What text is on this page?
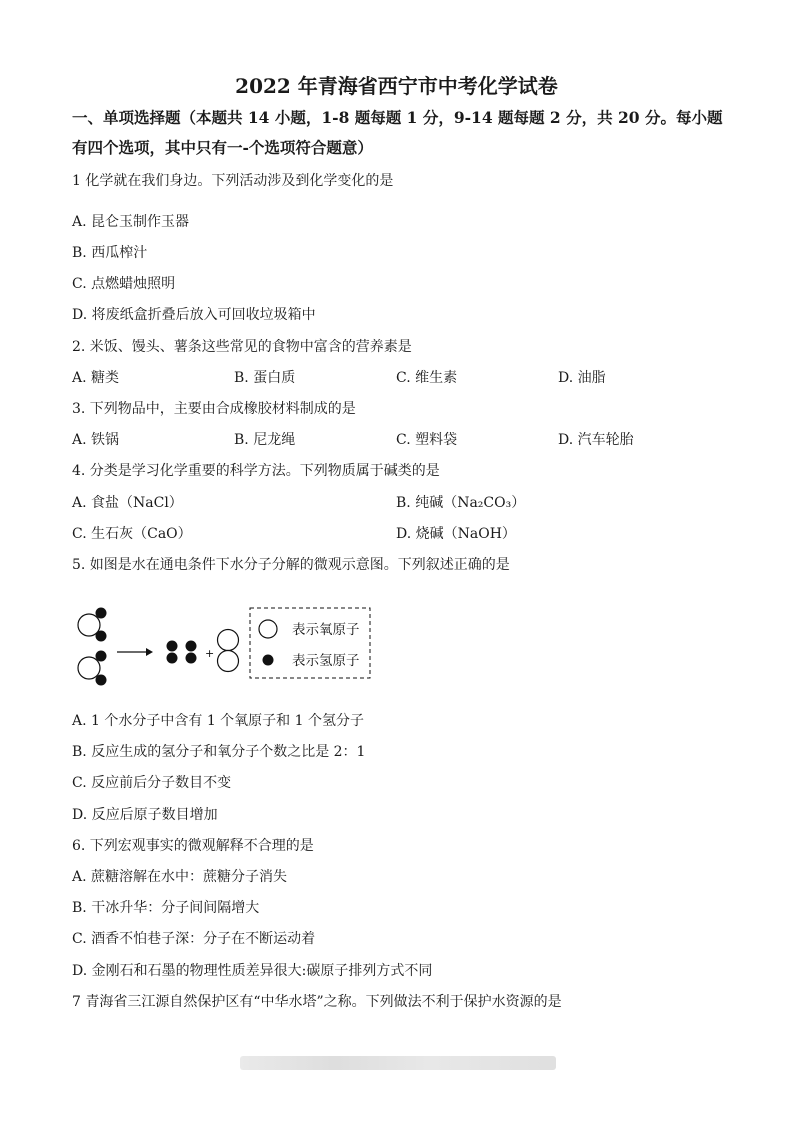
2022 年青海省西宁市中考化学试卷
一、单项选择题（本题共 14 小题，1-8 题每题 1 分，9-14 题每题 2 分，共 20 分。每小题有四个选项，其中只有一-个选项符合题意）
1 化学就在我们身边。下列活动涉及到化学变化的是
A. 昆仑玉制作玉器
B. 西瓜榨汁
C. 点燃蜡烛照明
D. 将废纸盒折叠后放入可回收垃圾箱中
2. 米饭、馒头、薯条这些常见的食物中富含的营养素是
A. 糖类	B. 蛋白质	C. 维生素	D. 油脂
3. 下列物品中，主要由合成橡胶材料制成的是
A. 铁锅	B. 尼龙绳	C. 塑料袋	D. 汽车轮胎
4. 分类是学习化学重要的科学方法。下列物质属于碱类的是
A. 食盐（NaCl）	B. 纯碱（Na₂CO₃）
C. 生石灰（CaO）	D. 烧碱（NaOH）
5. 如图是水在通电条件下水分子分解的微观示意图。下列叙述正确的是
+
表示氧原子
表示氢原子
A. 1 个水分子中含有 1 个氧原子和 1 个氢分子
B. 反应生成的氢分子和氧分子个数之比是 2：1
C. 反应前后分子数目不变
D. 反应后原子数目增加
6. 下列宏观事实的微观解释不合理的是
A. 蔗糖溶解在水中：蔗糖分子消失
B. 干冰升华：分子间间隔增大
C. 酒香不怕巷子深：分子在不断运动着
D. 金刚石和石墨的物理性质差异很大:碳原子排列方式不同
7 青海省三江源自然保护区有“中华水塔”之称。下列做法不利于保护水资源的是
